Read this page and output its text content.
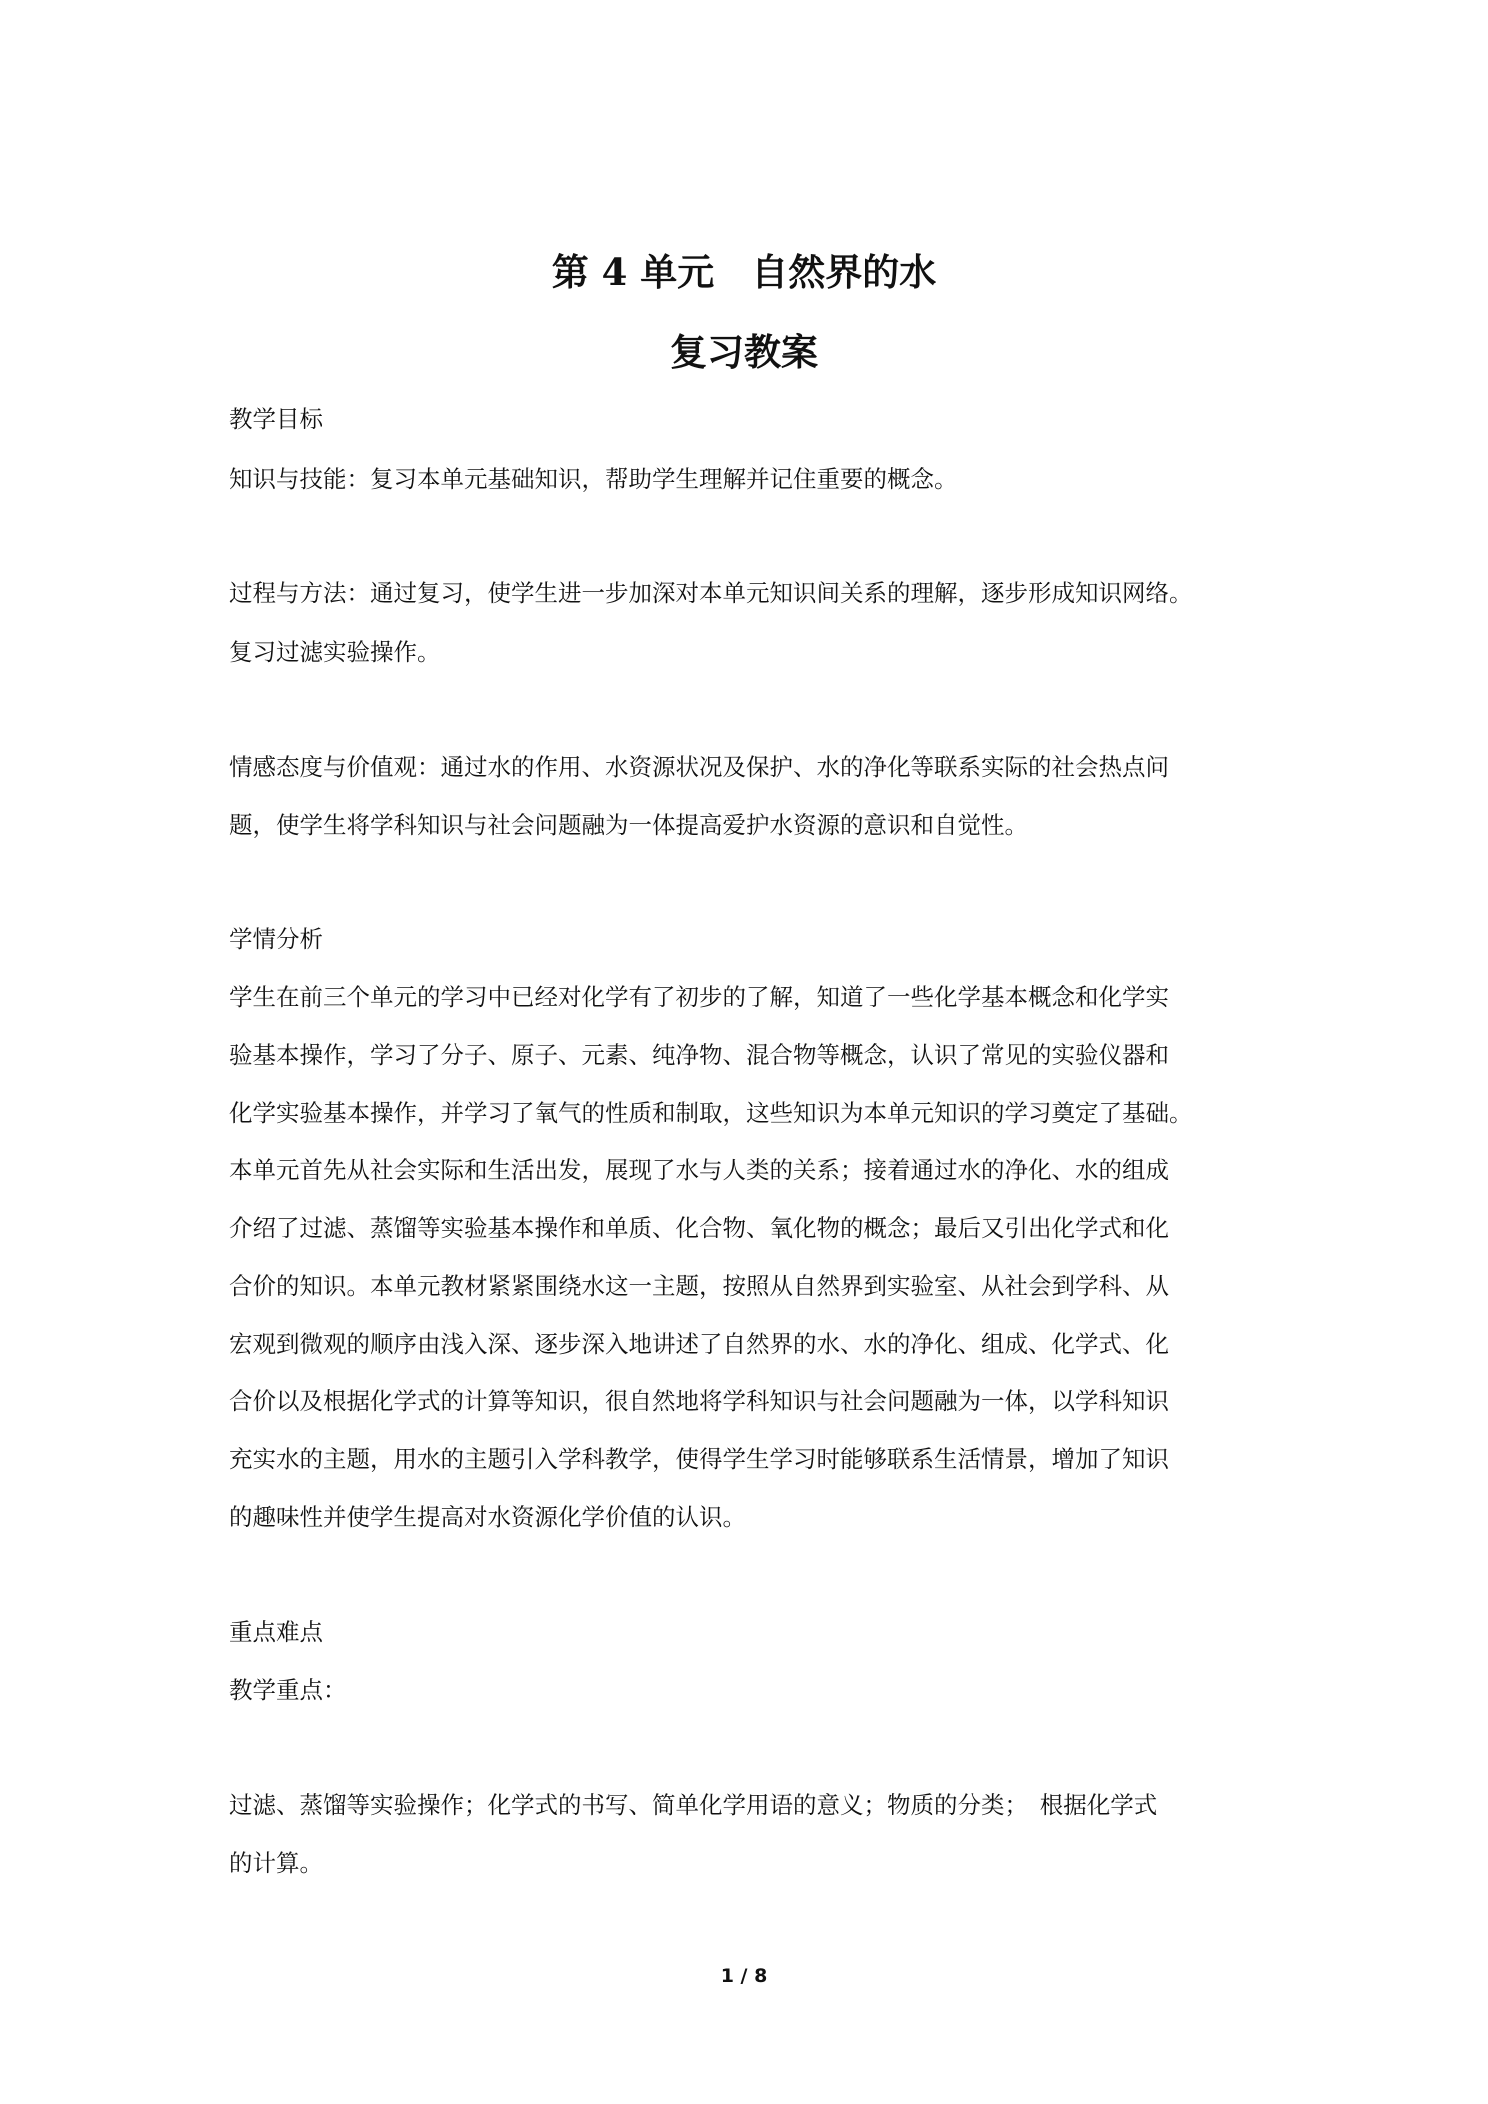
第 4 单元　自然界的水
复习教案

教学目标

知识与技能：复习本单元基础知识，帮助学生理解并记住重要的概念。

过程与方法：通过复习，使学生进一步加深对本单元知识间关系的理解，逐步形成知识网络。

复习过滤实验操作。

情感态度与价值观：通过水的作用、水资源状况及保护、水的净化等联系实际的社会热点问

题，使学生将学科知识与社会问题融为一体提高爱护水资源的意识和自觉性。

学情分析

学生在前三个单元的学习中已经对化学有了初步的了解，知道了一些化学基本概念和化学实

验基本操作，学习了分子、原子、元素、纯净物、混合物等概念，认识了常见的实验仪器和

化学实验基本操作，并学习了氧气的性质和制取，这些知识为本单元知识的学习奠定了基础。

本单元首先从社会实际和生活出发，展现了水与人类的关系；接着通过水的净化、水的组成

介绍了过滤、蒸馏等实验基本操作和单质、化合物、氧化物的概念；最后又引出化学式和化

合价的知识。本单元教材紧紧围绕水这一主题，按照从自然界到实验室、从社会到学科、从

宏观到微观的顺序由浅入深、逐步深入地讲述了自然界的水、水的净化、组成、化学式、化

合价以及根据化学式的计算等知识，很自然地将学科知识与社会问题融为一体，以学科知识

充实水的主题，用水的主题引入学科教学，使得学生学习时能够联系生活情景，增加了知识

的趣味性并使学生提高对水资源化学价值的认识。

重点难点

教学重点：

过滤、蒸馏等实验操作；化学式的书写、简单化学用语的意义；物质的分类；　根据化学式

的计算。

1 / 8
